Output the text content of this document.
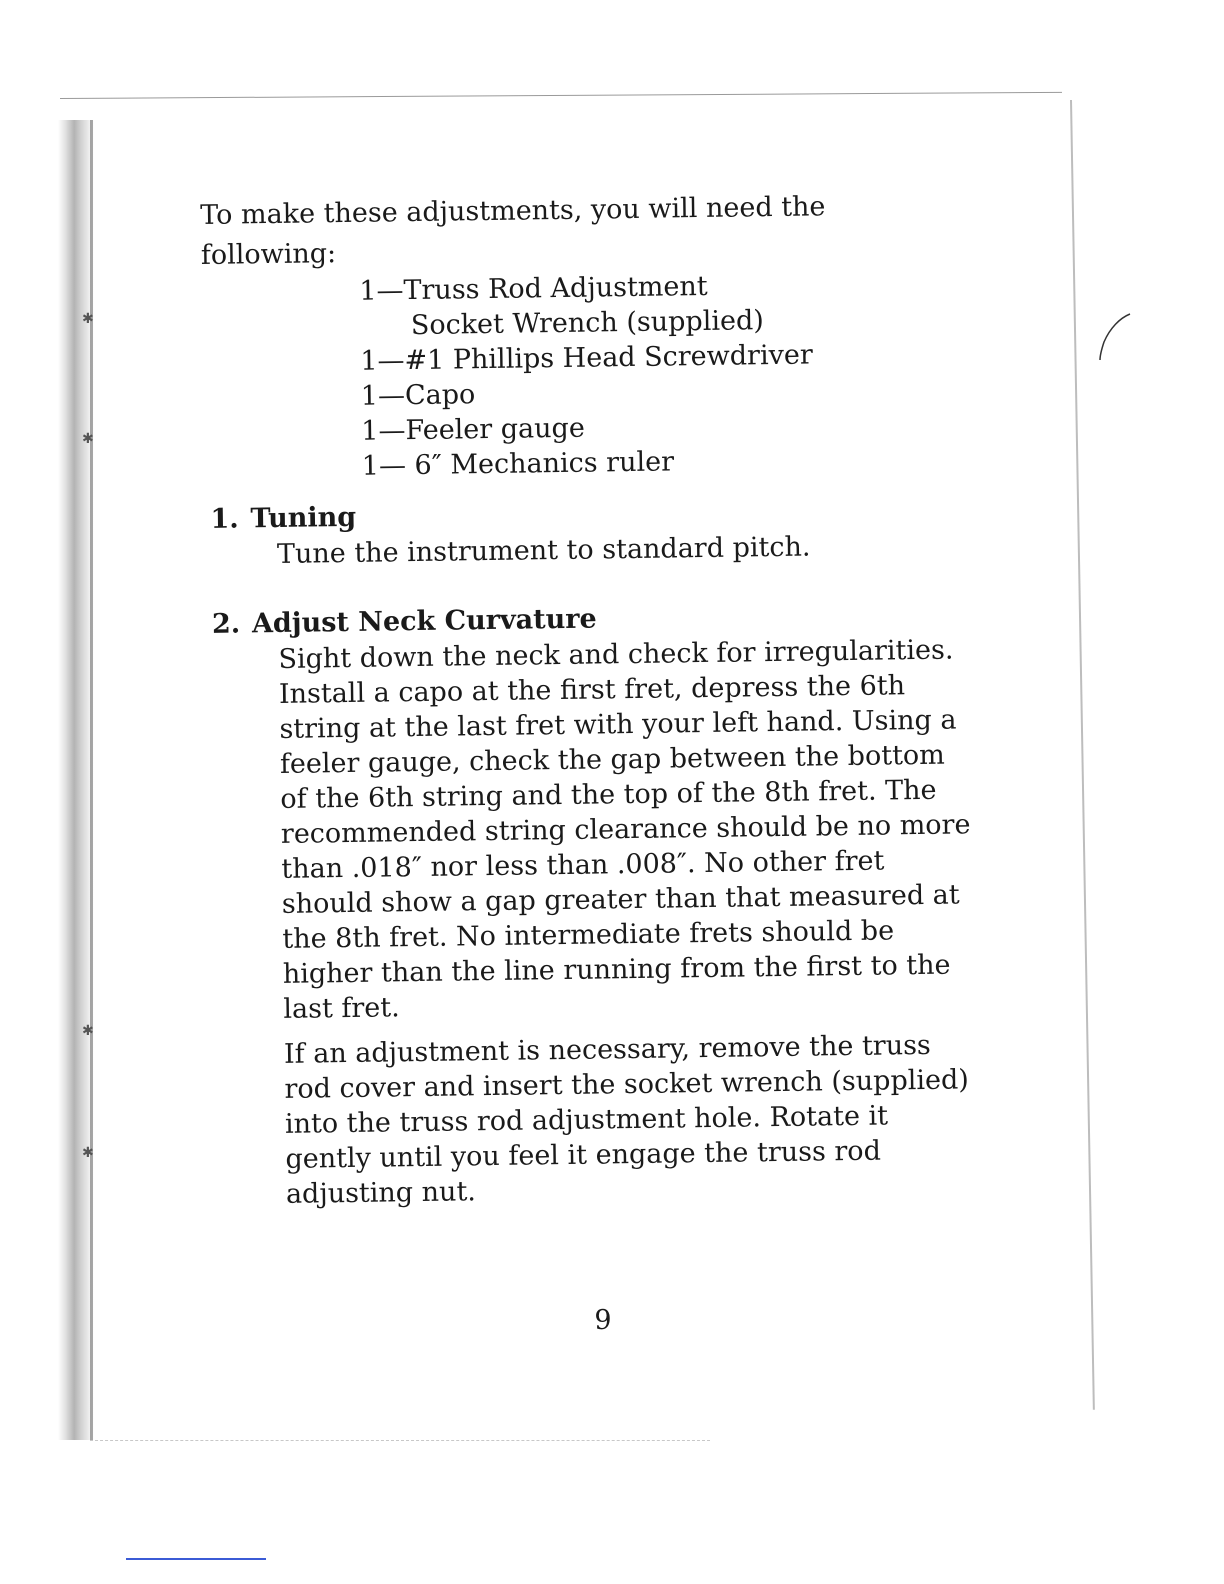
✱
✱
✱
✱

To make these adjustments, you will need the following:

1—Truss Rod Adjustment
Socket Wrench (supplied)
1—#1 Phillips Head Screwdriver
1—Capo
1—Feeler gauge
1— 6″ Mechanics ruler
1. Tuning

Tune the instrument to standard pitch.

2. Adjust Neck Curvature

Sight down the neck and check for irregularities. Install a capo at the first fret, depress the 6th string at the last fret with your left hand. Using a feeler gauge, check the gap between the bottom of the 6th string and the top of the 8th fret. The recommended string clearance should be no more than .018″ nor less than .008″. No other fret should show a gap greater than that measured at the 8th fret. No intermediate frets should be higher than the line running from the first to the last fret.

If an adjustment is necessary, remove the truss rod cover and insert the socket wrench (supplied) into the truss rod adjustment hole. Rotate it gently until you feel it engage the truss rod adjusting nut.

9
